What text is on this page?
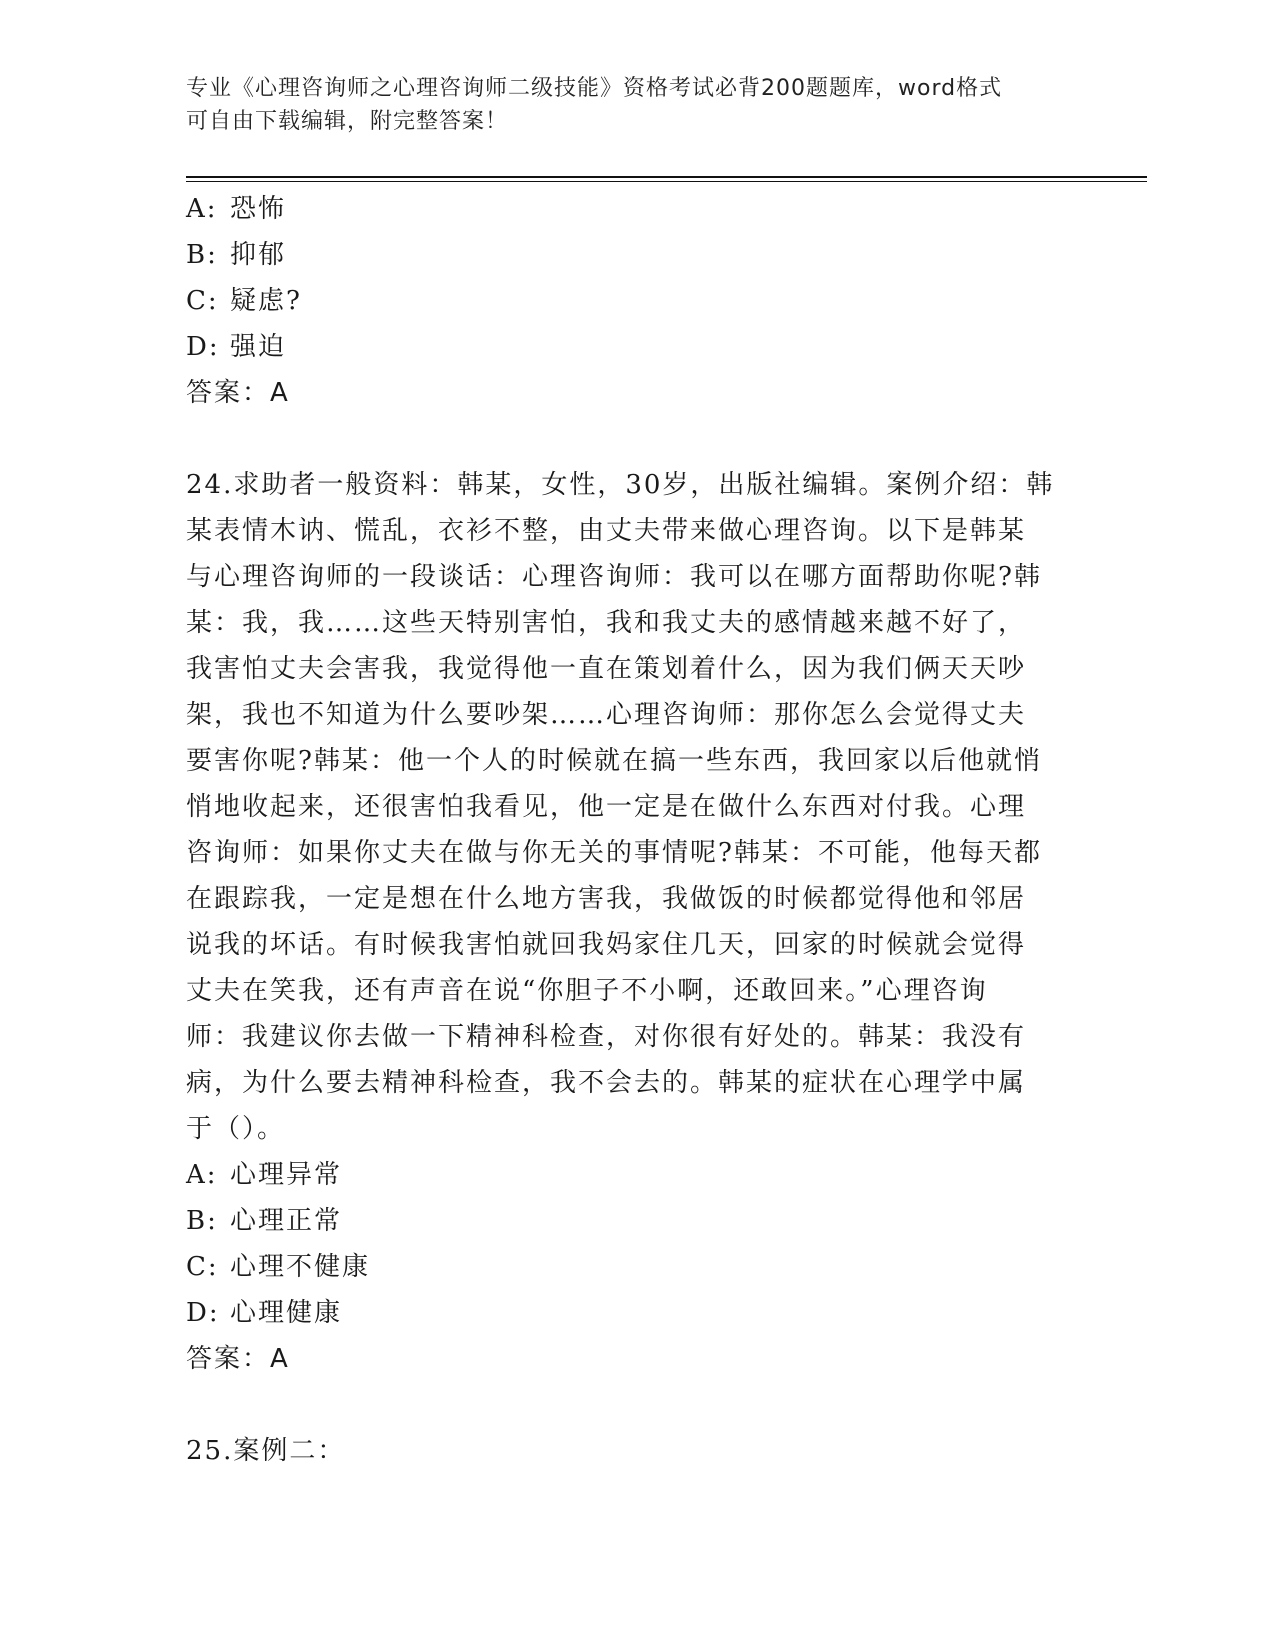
专业《心理咨询师之心理咨询师二级技能》资格考试必背200题题库，word格式
可自由下载编辑，附完整答案！
A: 恐怖
B: 抑郁
C: 疑虑?
D: 强迫
答案：A
24.求助者一般资料：韩某，女性，30岁，出版社编辑。案例介绍：韩
某表情木讷、慌乱，衣衫不整，由丈夫带来做心理咨询。以下是韩某
与心理咨询师的一段谈话：心理咨询师：我可以在哪方面帮助你呢?韩
某：我，我……这些天特别害怕，我和我丈夫的感情越来越不好了，
我害怕丈夫会害我，我觉得他一直在策划着什么，因为我们俩天天吵
架，我也不知道为什么要吵架……心理咨询师：那你怎么会觉得丈夫
要害你呢?韩某：他一个人的时候就在搞一些东西，我回家以后他就悄
悄地收起来，还很害怕我看见，他一定是在做什么东西对付我。心理
咨询师：如果你丈夫在做与你无关的事情呢?韩某：不可能，他每天都
在跟踪我，一定是想在什么地方害我，我做饭的时候都觉得他和邻居
说我的坏话。有时候我害怕就回我妈家住几天，回家的时候就会觉得
丈夫在笑我，还有声音在说“你胆子不小啊，还敢回来。”心理咨询
师：我建议你去做一下精神科检查，对你很有好处的。韩某：我没有
病，为什么要去精神科检查，我不会去的。韩某的症状在心理学中属
于（）。
A: 心理异常
B: 心理正常
C: 心理不健康
D: 心理健康
答案：A
25.案例二：
